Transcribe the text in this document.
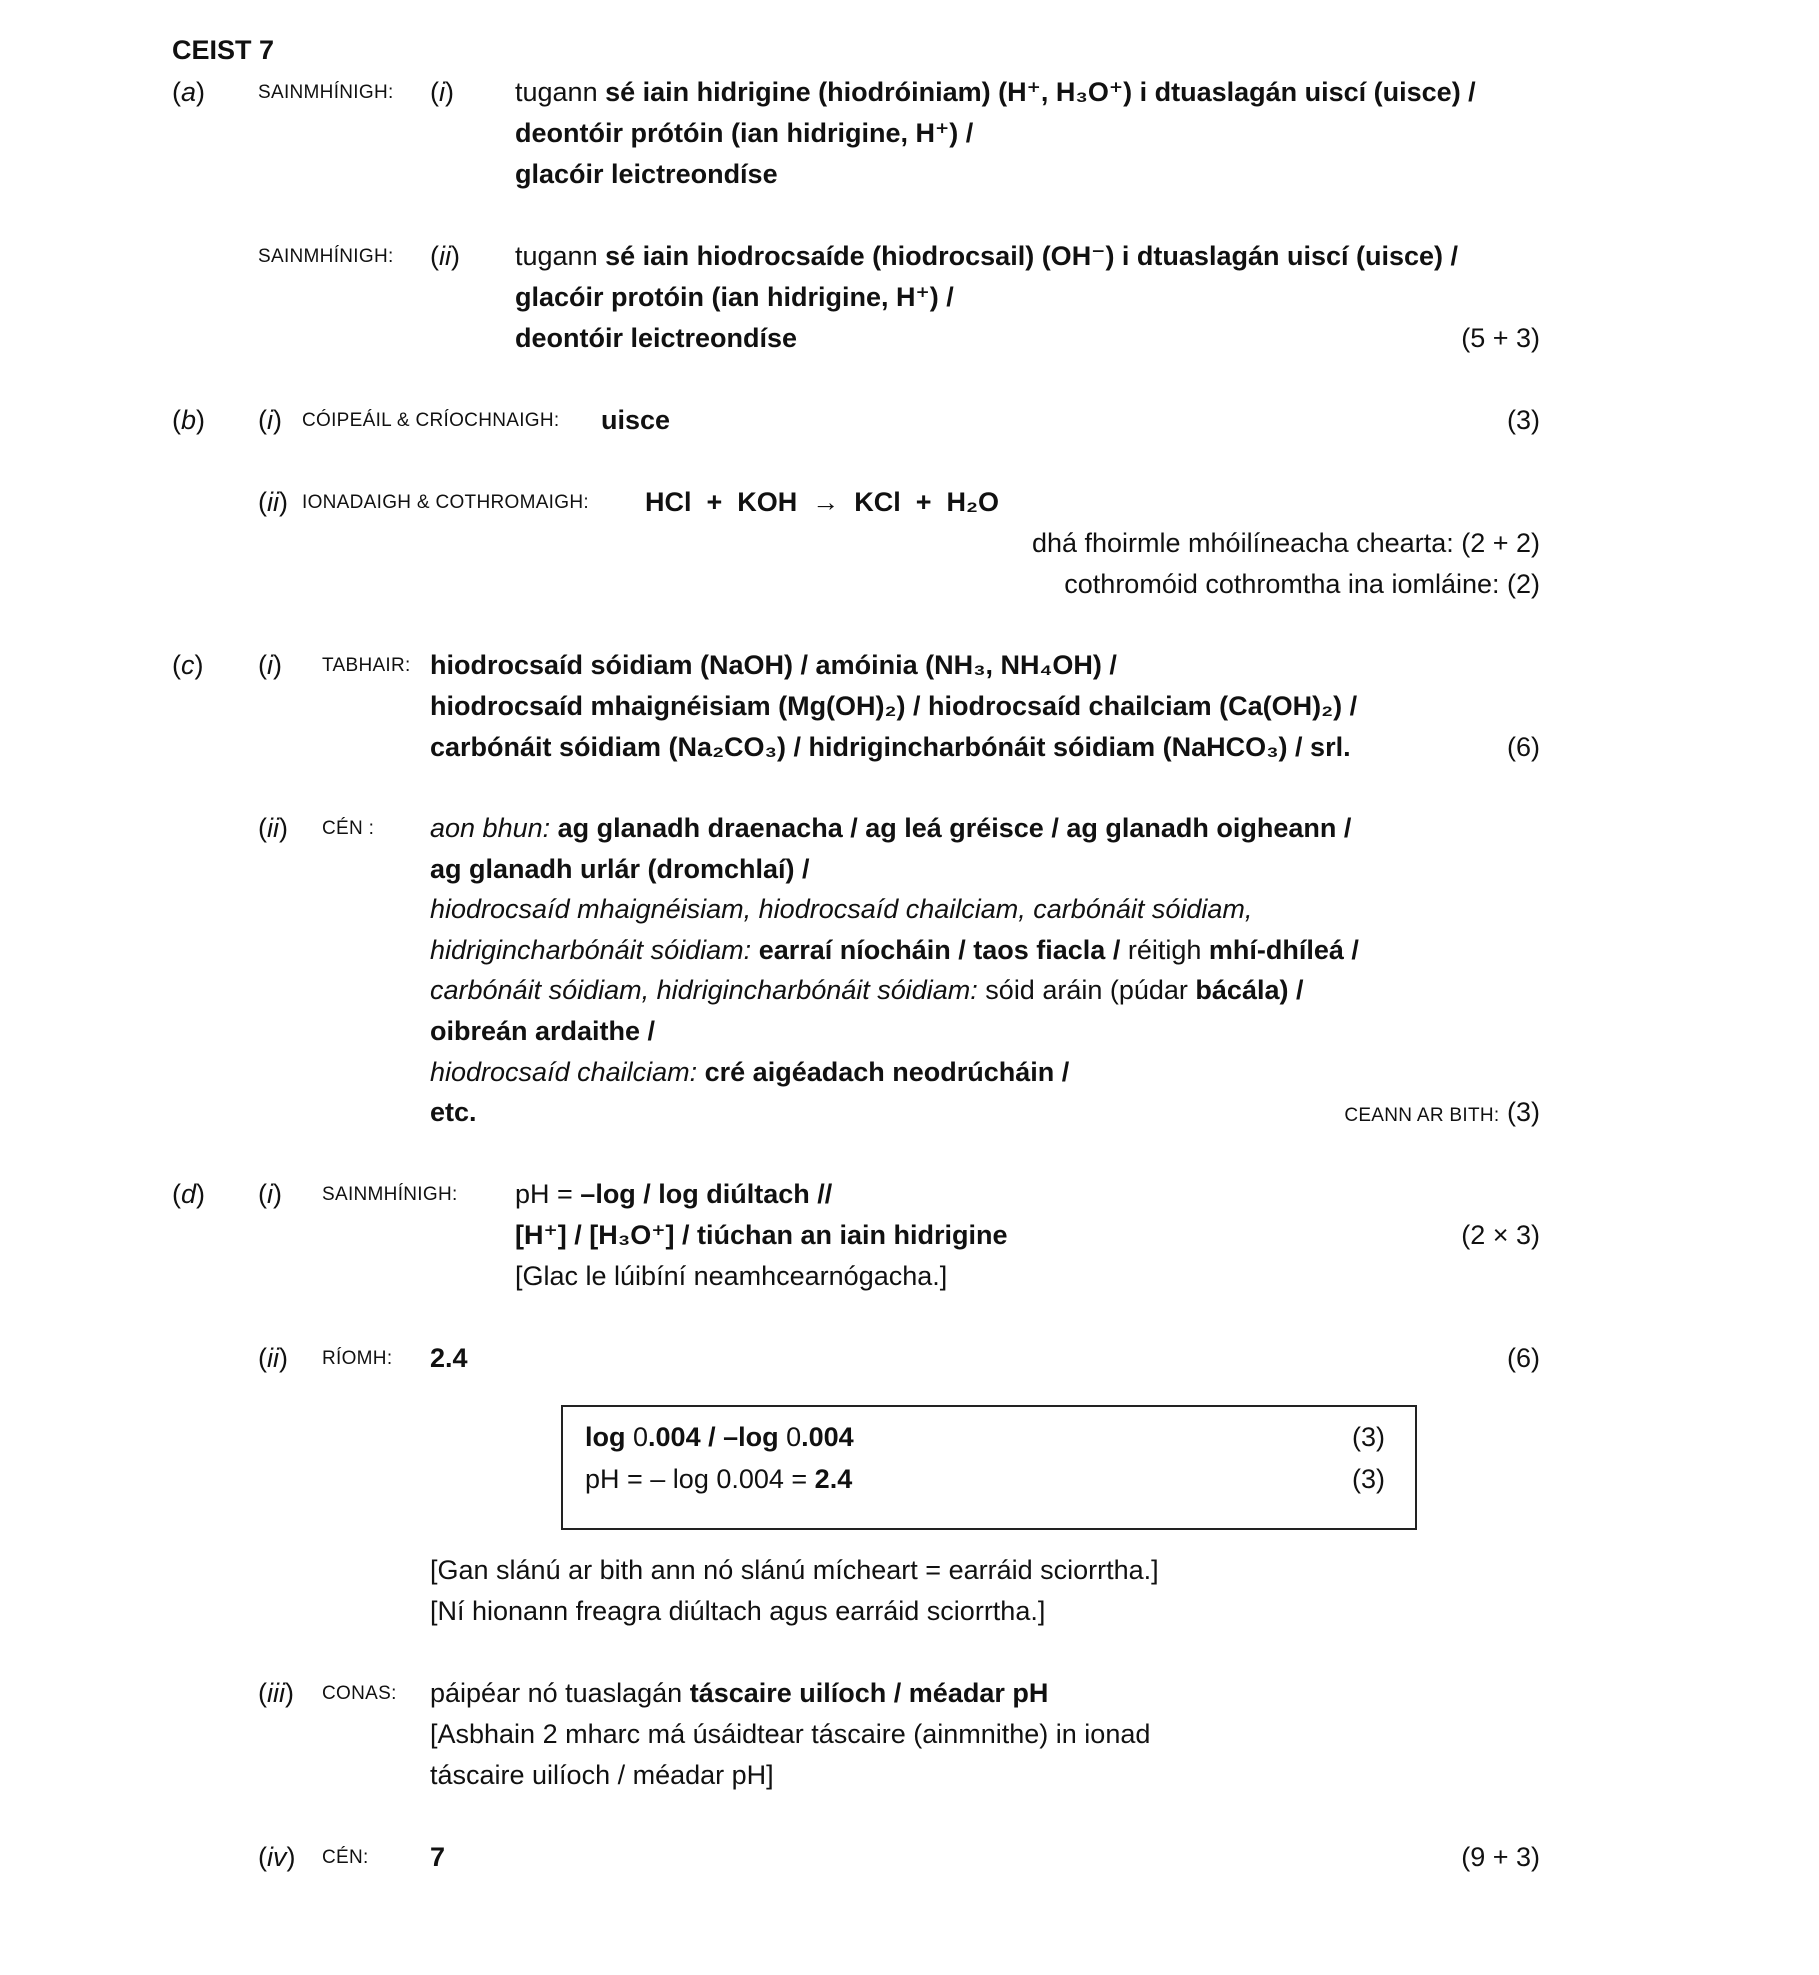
CEIST 7
(a)	SAINMHÍNIGH: (i) tugann sé iain hidrigine (hiodróiniam) (H⁺, H₃O⁺) i dtuaslagán uiscí (uisce) /
deontóir prótóin (ian hidrigine, H⁺) /
glacóir leictreondíse
SAINMHÍNIGH: (ii) tugann sé iain hiodrocsaíde (hiodrocsail) (OH⁻) i dtuaslagán uiscí (uisce) /
glacóir protóin (ian hidrigine, H⁺) /
deontóir leictreondíse	(5 + 3)
(b) (i) CÓIPEÁIL & CRÍOCHNAIGH: uisce	(3)
(ii) IONADAIGH & COTHROMAIGH: HCl  +  KOH  →  KCl  +  H₂O
dhá fhoirmle mhóilíneacha chearta: (2 + 2)
cothromóid cothromtha ina iomláine: (2)
(c) (i) TABHAIR: hiodrocsaíd sóidiam (NaOH) / amóinia (NH₃, NH₄OH) /
hiodrocsaíd mhaignéisiam (Mg(OH)₂) / hiodrocsaíd chailciam (Ca(OH)₂) /
carbónáit sóidiam (Na₂CO₃) / hidrigincharbónáit sóidiam (NaHCO₃) / srl.	(6)
(ii) CÉN : aon bhun: ag glanadh draenacha / ag leá gréisce / ag glanadh oigheann /
ag glanadh urlár (dromchlaí) /
hiodrocsaíd mhaignéisiam, hiodrocsaíd chailciam, carbónáit sóidiam,
hidrigincharbónáit sóidiam: earraí níocháin / taos fiacla / réitigh mhí-dhíleá /
carbónáit sóidiam, hidrigincharbónáit sóidiam: sóid aráin (púdar bácála) /
oibreán ardaithe /
hiodrocsaíd chailciam: cré aigéadach neodrúcháin /
etc.	CEANN AR BITH: (3)
(d) (i) SAINMHÍNIGH: pH = –log / log diúltach //
[H⁺] / [H₃O⁺] / tiúchan an iain hidrigine
[Glac le lúibíní neamhcearnógacha.]
(2 × 3)
(ii) RÍOMH: 2.4	(6)
log 0.004 / –log 0.004	(3)
pH = – log 0.004 = 2.4	(3)
[Gan slánú ar bith ann nó slánú mícheart = earráid sciorrtha.]
[Ní hionann freagra diúltach agus earráid sciorrtha.]
(iii) CONAS: páipéar nó tuaslagán táscaire uilíoch / méadar pH
[Asbhain 2 mharc má úsáidtear táscaire (ainmnithe) in ionad
táscaire uilíoch / méadar pH]
(iv) CÉN: 7	(9 + 3)
